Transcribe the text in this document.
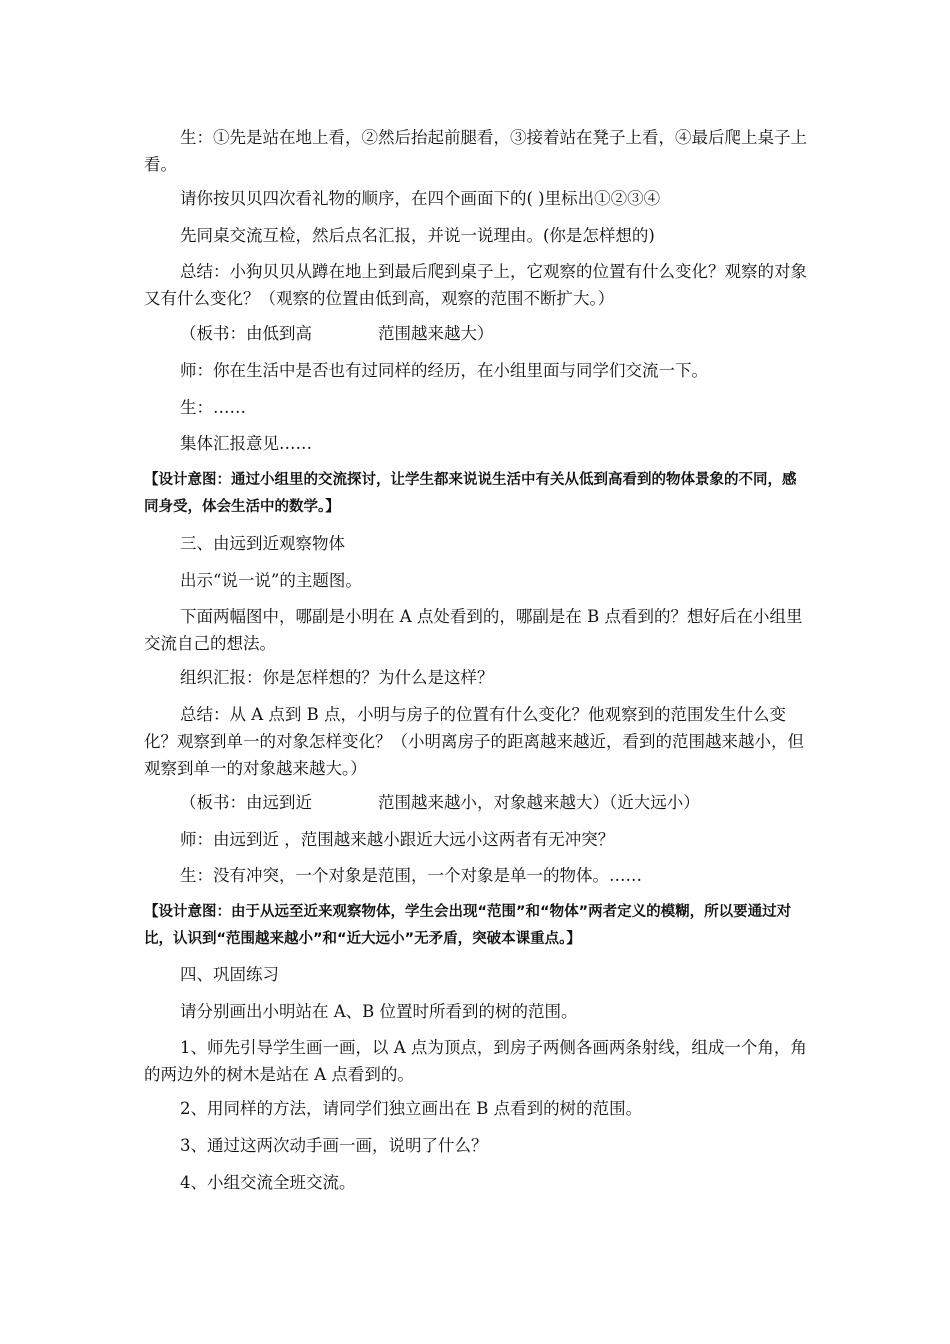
生：①先是站在地上看，②然后抬起前腿看，③接着站在凳子上看，④最后爬上桌子上看。
请你按贝贝四次看礼物的顺序，在四个画面下的( )里标出①②③④
先同桌交流互检，然后点名汇报，并说一说理由。(你是怎样想的)
总结：小狗贝贝从蹲在地上到最后爬到桌子上，它观察的位置有什么变化？观察的对象又有什么变化？（观察的位置由低到高，观察的范围不断扩大。）
（板书：由低到高　　　　范围越来越大）
师：你在生活中是否也有过同样的经历，在小组里面与同学们交流一下。
生：……
集体汇报意见……
【设计意图：通过小组里的交流探讨，让学生都来说说生活中有关从低到高看到的物体景象的不同，感同身受，体会生活中的数学。】
三、由远到近观察物体
出示“说一说”的主题图。
下面两幅图中，哪副是小明在 A 点处看到的，哪副是在 B 点看到的？想好后在小组里交流自己的想法。
组织汇报：你是怎样想的？为什么是这样？
总结：从 A 点到 B 点，小明与房子的位置有什么变化？他观察到的范围发生什么变化？观察到单一的对象怎样变化？（小明离房子的距离越来越近，看到的范围越来越小，但观察到单一的对象越来越大。）
（板书：由远到近　　　　范围越来越小，对象越来越大）（近大远小）
师：由远到近 ，范围越来越小跟近大远小这两者有无冲突？
生：没有冲突，一个对象是范围，一个对象是单一的物体。……
【设计意图：由于从远至近来观察物体，学生会出现“范围”和“物体”两者定义的模糊，所以要通过对比，认识到“范围越来越小”和“近大远小”无矛盾，突破本课重点。】
四、巩固练习
请分别画出小明站在 A、B 位置时所看到的树的范围。
1、师先引导学生画一画，以 A 点为顶点，到房子两侧各画两条射线，组成一个角，角的两边外的树木是站在 A 点看到的。
2、用同样的方法，请同学们独立画出在 B 点看到的树的范围。
3、通过这两次动手画一画，说明了什么？
4、小组交流全班交流。
